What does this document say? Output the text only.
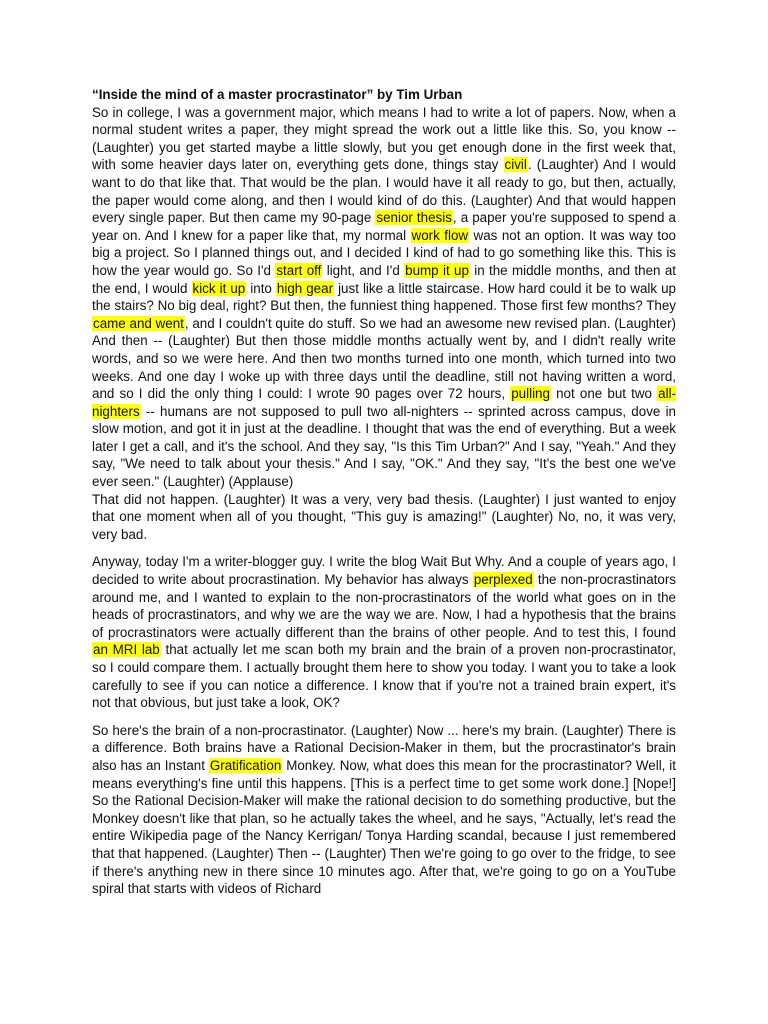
“Inside the mind of a master procrastinator” by Tim Urban

So in college, I was a government major, which means I had to write a lot of papers. Now, when a normal student writes a paper, they might spread the work out a little like this. So, you know -- (Laughter) you get started maybe a little slowly, but you get enough done in the first week that, with some heavier days later on, everything gets done, things stay civil. (Laughter) And I would want to do that like that. That would be the plan. I would have it all ready to go, but then, actually, the paper would come along, and then I would kind of do this. (Laughter) And that would happen every single paper. But then came my 90-page senior thesis, a paper you're supposed to spend a year on. And I knew for a paper like that, my normal work flow was not an option. It was way too big a project. So I planned things out, and I decided I kind of had to go something like this. This is how the year would go. So I'd start off light, and I'd bump it up in the middle months, and then at the end, I would kick it up into high gear just like a little staircase. How hard could it be to walk up the stairs? No big deal, right? But then, the funniest thing happened. Those first few months? They came and went, and I couldn't quite do stuff. So we had an awesome new revised plan. (Laughter) And then -- (Laughter) But then those middle months actually went by, and I didn't really write words, and so we were here. And then two months turned into one month, which turned into two weeks. And one day I woke up with three days until the deadline, still not having written a word, and so I did the only thing I could: I wrote 90 pages over 72 hours, pulling not one but two all-nighters -- humans are not supposed to pull two all-nighters -- sprinted across campus, dove in slow motion, and got it in just at the deadline. I thought that was the end of everything. But a week later I get a call, and it's the school. And they say, "Is this Tim Urban?" And I say, "Yeah." And they say, "We need to talk about your thesis." And I say, "OK." And they say, "It's the best one we've ever seen." (Laughter) (Applause)

That did not happen. (Laughter) It was a very, very bad thesis. (Laughter) I just wanted to enjoy that one moment when all of you thought, "This guy is amazing!" (Laughter) No, no, it was very, very bad.

Anyway, today I'm a writer-blogger guy. I write the blog Wait But Why. And a couple of years ago, I decided to write about procrastination. My behavior has always perplexed the non-procrastinators around me, and I wanted to explain to the non-procrastinators of the world what goes on in the heads of procrastinators, and why we are the way we are. Now, I had a hypothesis that the brains of procrastinators were actually different than the brains of other people. And to test this, I found an MRI lab that actually let me scan both my brain and the brain of a proven non-procrastinator, so I could compare them. I actually brought them here to show you today. I want you to take a look carefully to see if you can notice a difference. I know that if you're not a trained brain expert, it's not that obvious, but just take a look, OK?

So here's the brain of a non-procrastinator. (Laughter) Now ... here's my brain. (Laughter) There is a difference. Both brains have a Rational Decision-Maker in them, but the procrastinator's brain also has an Instant Gratification Monkey. Now, what does this mean for the procrastinator? Well, it means everything's fine until this happens. [This is a perfect time to get some work done.] [Nope!] So the Rational Decision-Maker will make the rational decision to do something productive, but the Monkey doesn't like that plan, so he actually takes the wheel, and he says, "Actually, let's read the entire Wikipedia page of the Nancy Kerrigan/ Tonya Harding scandal, because I just remembered that that happened. (Laughter) Then -- (Laughter) Then we're going to go over to the fridge, to see if there's anything new in there since 10 minutes ago. After that, we're going to go on a YouTube spiral that starts with videos of Richard
